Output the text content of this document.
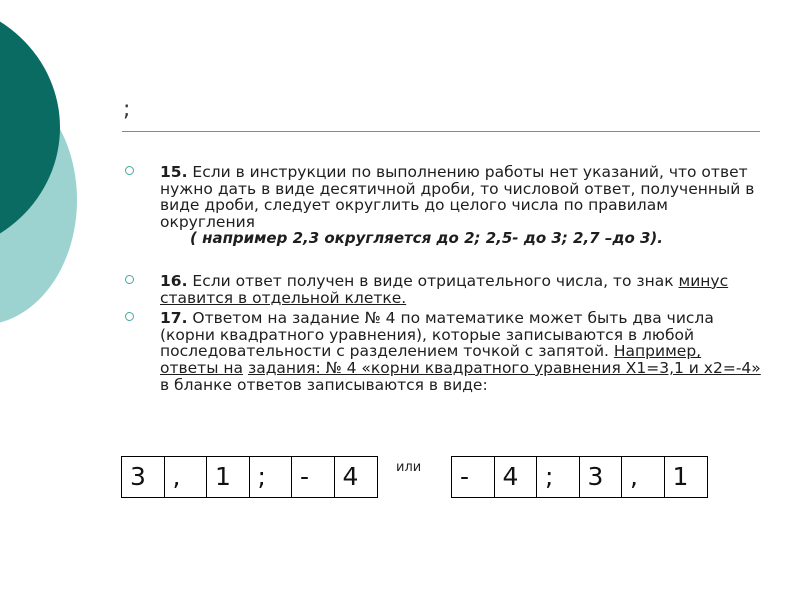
;

15. Если в инструкции по выполнению работы нет указаний, что ответ нужно дать в виде десятичной дроби, то числовой ответ, полученный в виде дроби, следует округлить до целого числа по правилам округления

( например 2,3 округляется до 2; 2,5- до 3; 2,7 –до 3).

16. Если ответ получен в виде отрицательного числа, то знак минус ставится в отдельной клетке.

17. Ответом на задание № 4 по математике может быть два числа (корни квадратного уравнения), которые записываются в любой последовательности с разделением точкой с запятой. Например, ответы на задания: № 4 «корни квадратного уравнения X1=3,1 и x2=-4» в бланке ответов записываются в виде:

3	,	1	;	-	4	или	-	4	;	3	,	1
